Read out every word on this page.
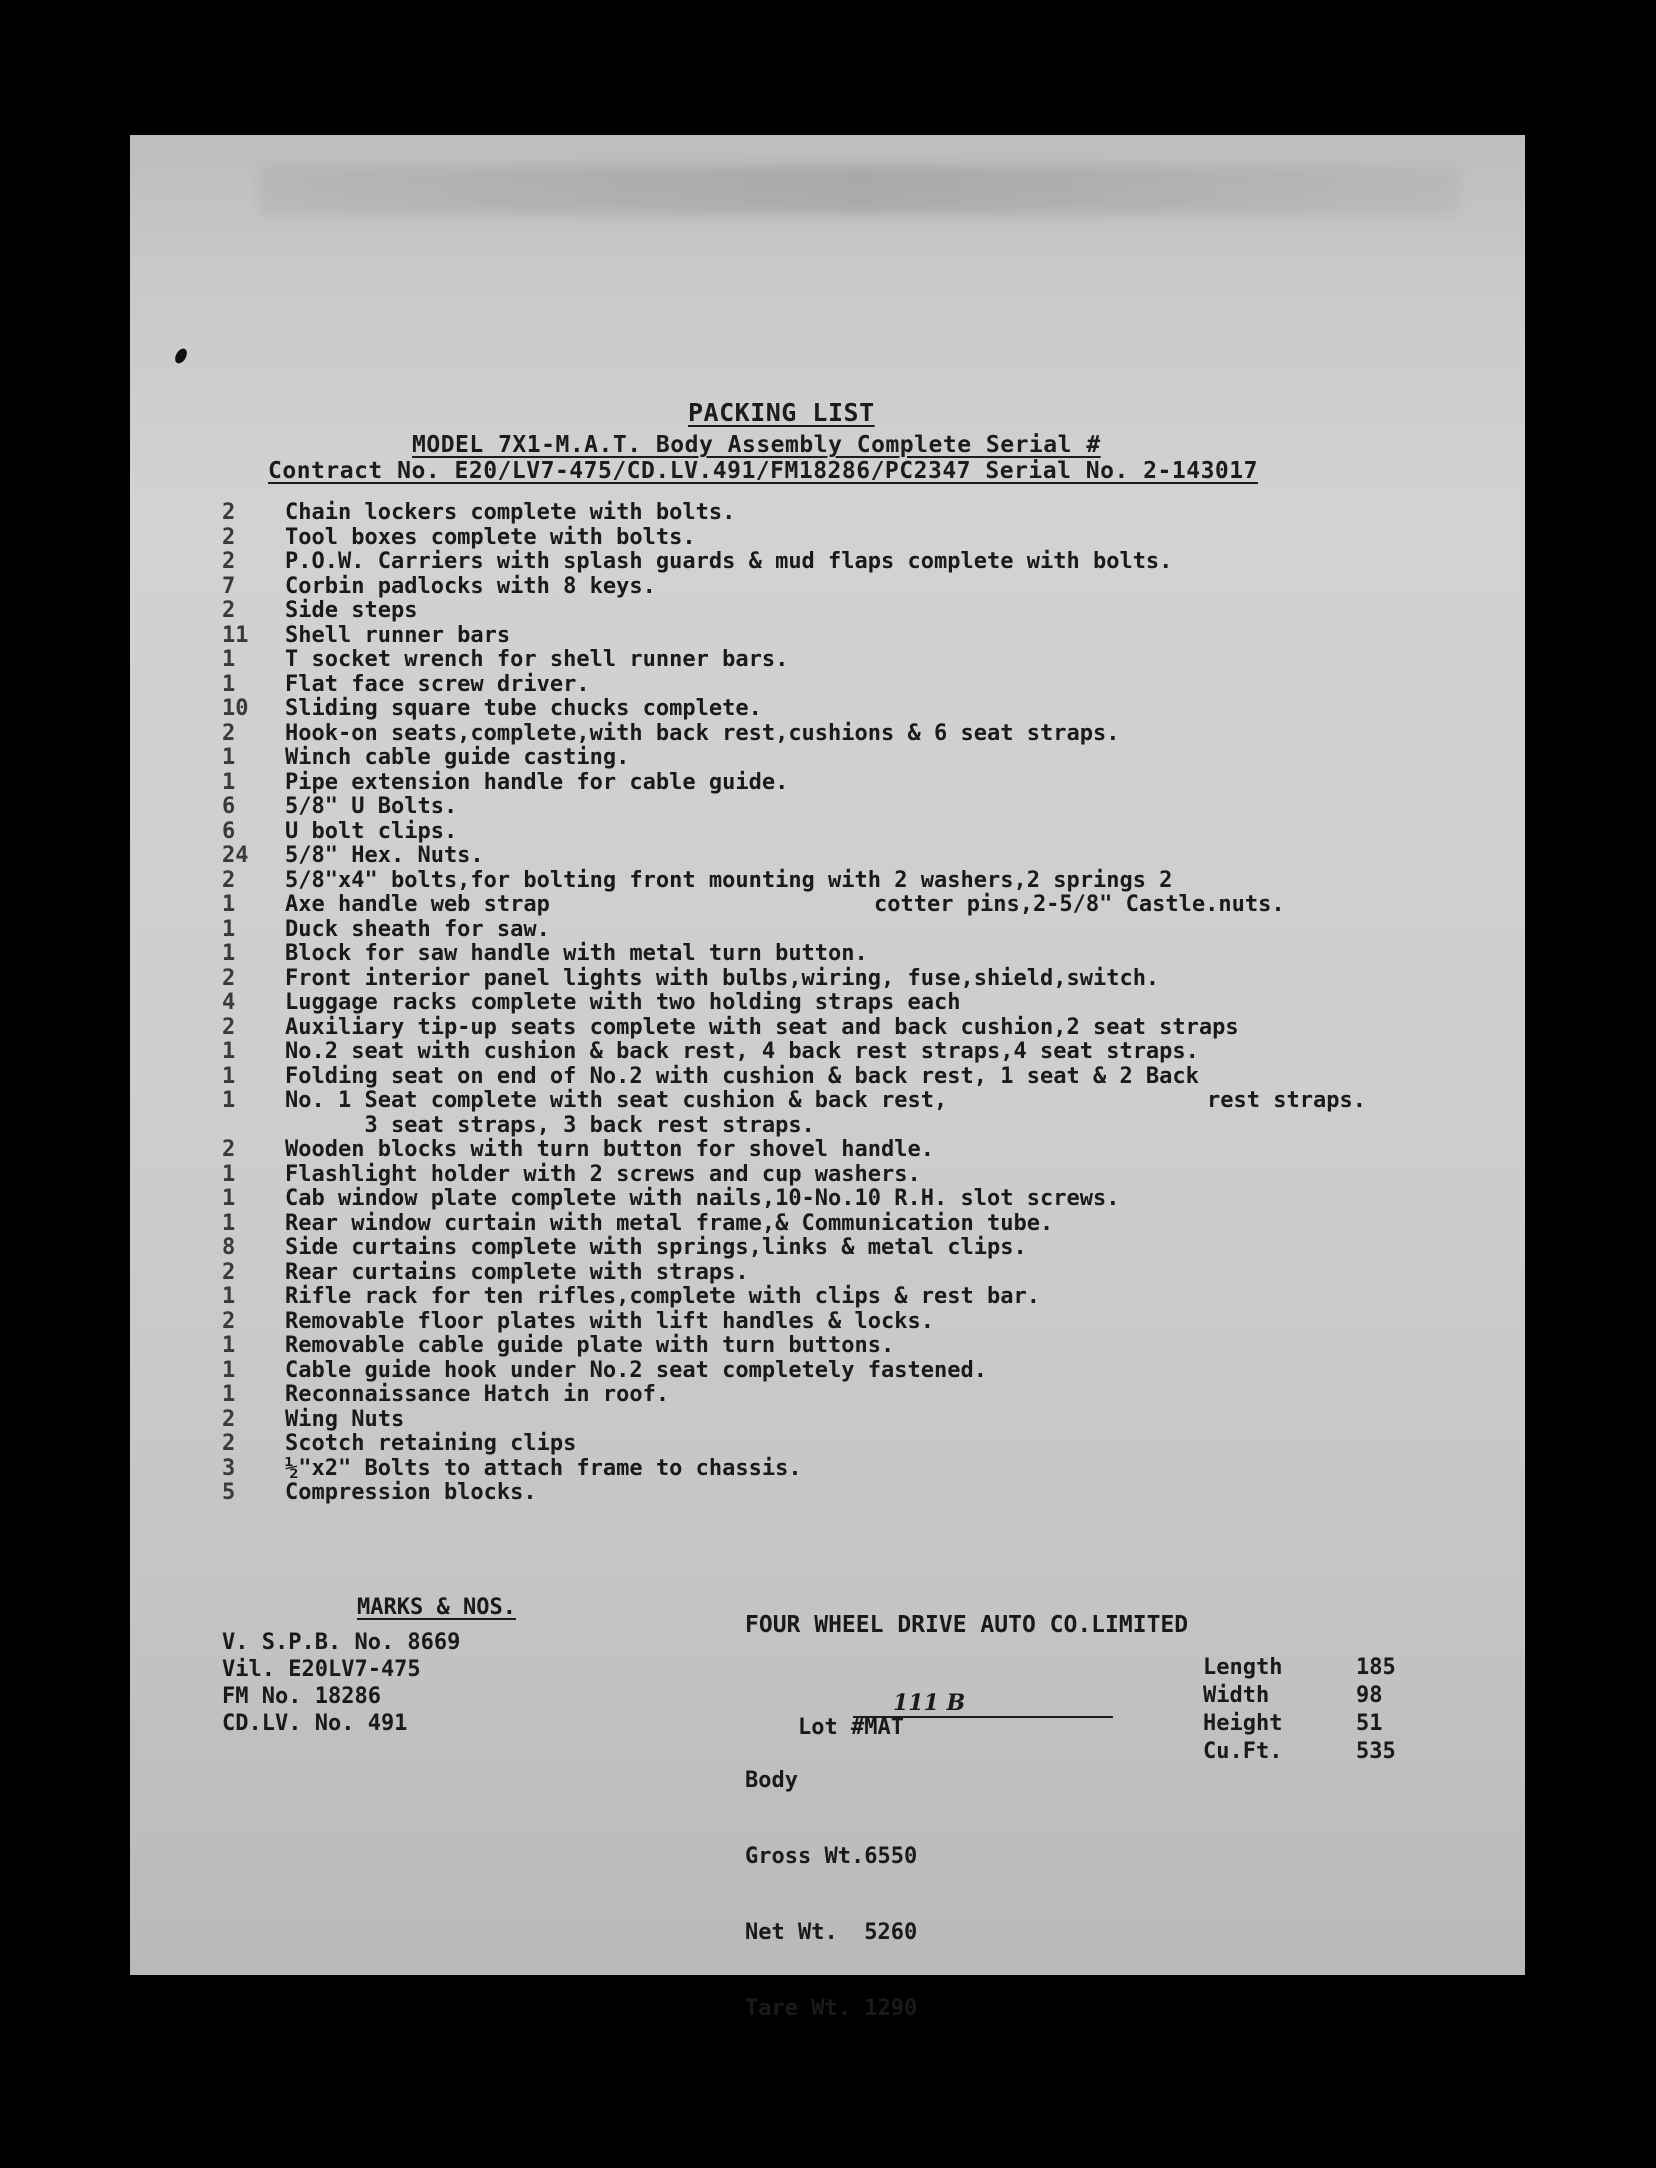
PACKING LIST
MODEL 7X1-M.A.T. Body Assembly Complete Serial #
Contract No. E20/LV7-475/CD.LV.491/FM18286/PC2347 Serial No. 2-143017
2	Chain lockers complete with bolts.
2	Tool boxes complete with bolts.
2	P.O.W. Carriers with splash guards & mud flaps complete with bolts.
7	Corbin padlocks with 8 keys.
2	Side steps
11	Shell runner bars
1	T socket wrench for shell runner bars.
1	Flat face screw driver.
10	Sliding square tube chucks complete.
2	Hook-on seats,complete,with back rest,cushions & 6 seat straps.
1	Winch cable guide casting.
1	Pipe extension handle for cable guide.
6	5/8" U Bolts.
6	U bolt clips.
24	5/8" Hex. Nuts.
2	5/8"x4" bolts,for bolting front mounting with 2 washers,2 springs 2
1	Axe handle web strap	cotter pins,2-5/8" Castle.nuts.
1	Duck sheath for saw.
1	Block for saw handle with metal turn button.
2	Front interior panel lights with bulbs,wiring, fuse,shield,switch.
4	Luggage racks complete with two holding straps each
2	Auxiliary tip-up seats complete with seat and back cushion,2 seat straps
1	No.2 seat with cushion & back rest, 4 back rest straps,4 seat straps.
1	Folding seat on end of No.2 with cushion & back rest, 1 seat & 2 Back
1	No. 1 Seat complete with seat cushion & back rest,	rest straps.
3 seat straps, 3 back rest straps.
2	Wooden blocks with turn button for shovel handle.
1	Flashlight holder with 2 screws and cup washers.
1	Cab window plate complete with nails,10-No.10 R.H. slot screws.
1	Rear window curtain with metal frame,& Communication tube.
8	Side curtains complete with springs,links & metal clips.
2	Rear curtains complete with straps.
1	Rifle rack for ten rifles,complete with clips & rest bar.
2	Removable floor plates with lift handles & locks.
1	Removable cable guide plate with turn buttons.
1	Cable guide hook under No.2 seat completely fastened.
1	Reconnaissance Hatch in roof.
2	Wing Nuts
2	Scotch retaining clips
3	½"x2" Bolts to attach frame to chassis.
5	Compression blocks.

MARKS & NOS.

V. S.P.B. No. 8669
Vil. E20LV7-475
FM No. 18286
CD.LV. No. 491
FOUR WHEEL DRIVE AUTO CO.LIMITED

Lot #MAT

111 B

Body

Gross Wt.6550

Net Wt.  5260

Tare Wt. 1290

Length	185
Width	98
Height	51
Cu.Ft.	535
